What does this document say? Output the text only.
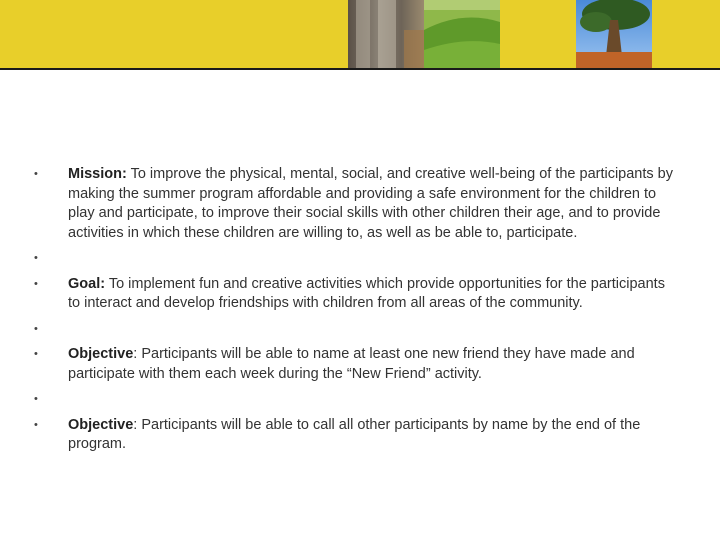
•	Mission: To improve the physical, mental, social, and creative well-being of the participants by making the summer program affordable and providing a safe environment for the children to play and participate, to improve their social skills with other children their age, and to provide activities in which these children are willing to, as well as be able to, participate.
•
•	Goal: To implement fun and creative activities which provide opportunities for the participants to interact and develop friendships with children from all areas of the community.
•
•	Objective: Participants will be able to name at least one new friend they have made and participate with them each week during the “New Friend” activity.
•
•	Objective: Participants will be able to call all other participants by name by the end of the program.
